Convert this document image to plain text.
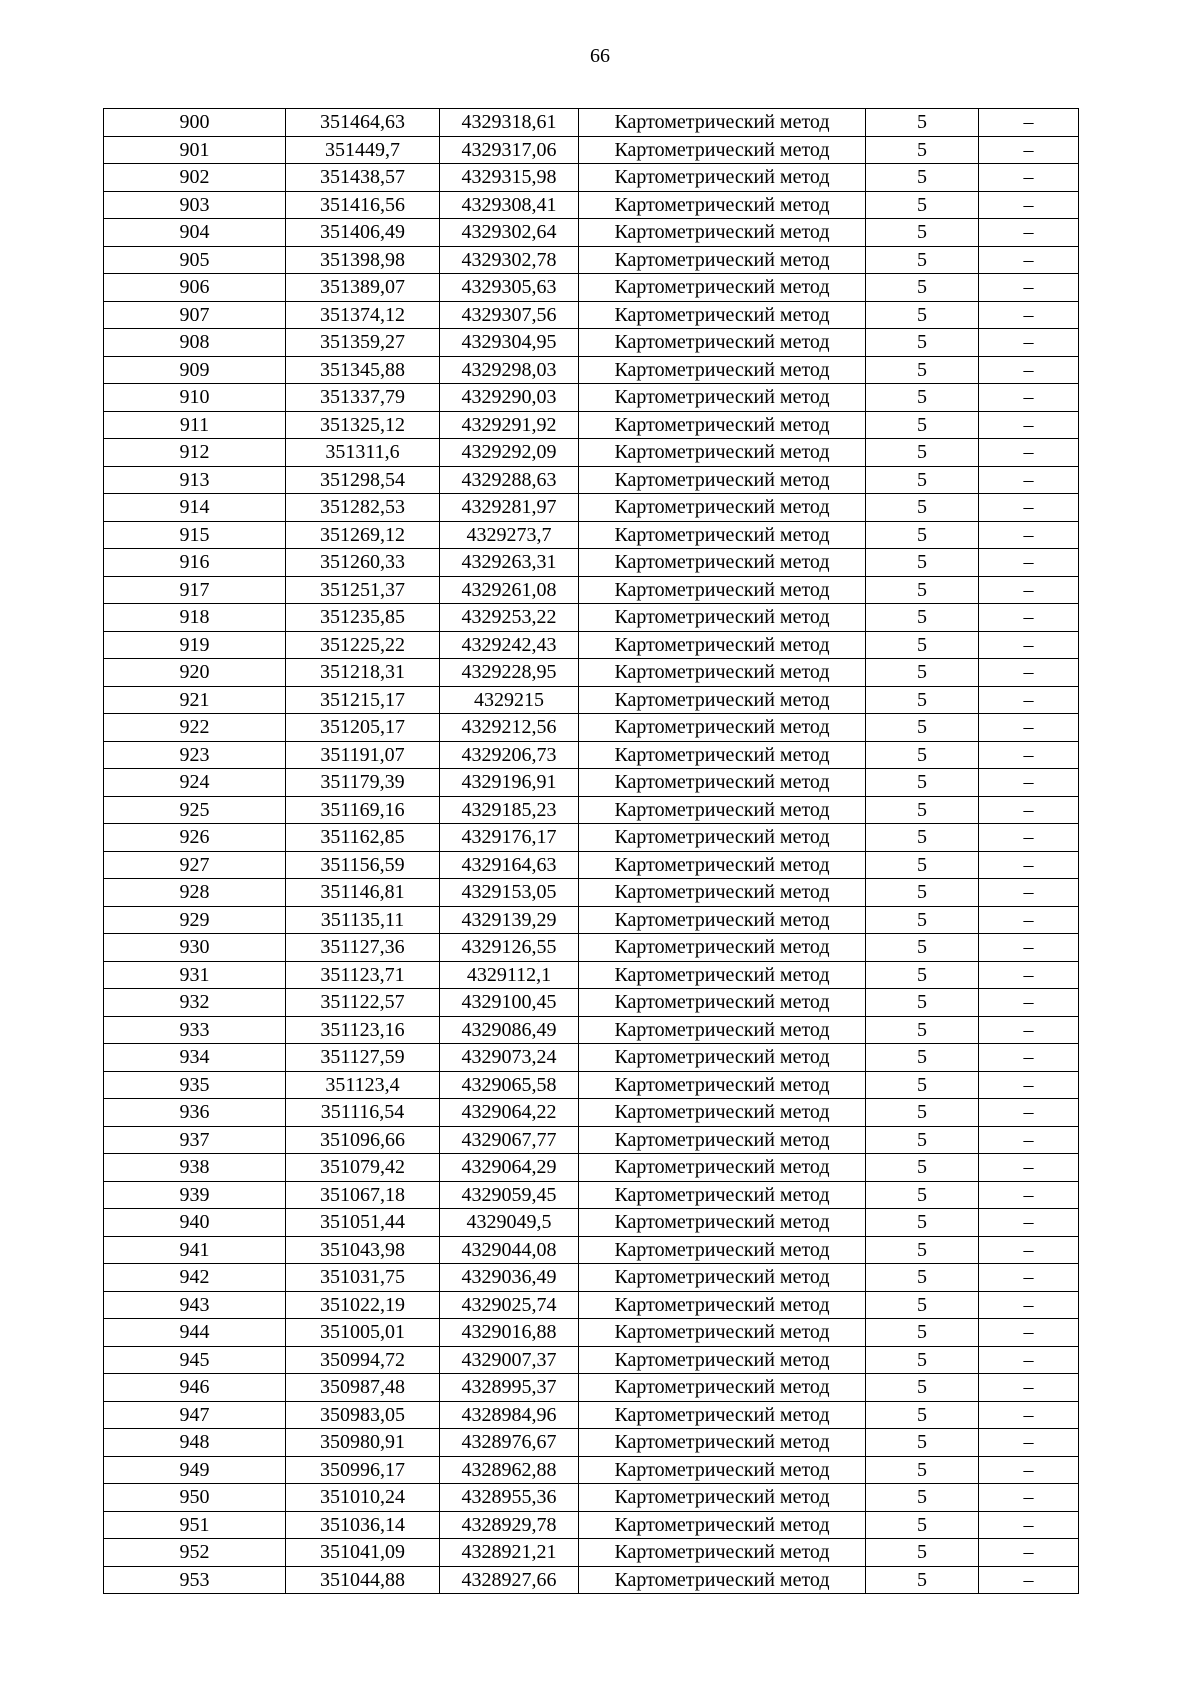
66
900	351464,63	4329318,61	Картометрический метод	5	–
901	351449,7	4329317,06	Картометрический метод	5	–
902	351438,57	4329315,98	Картометрический метод	5	–
903	351416,56	4329308,41	Картометрический метод	5	–
904	351406,49	4329302,64	Картометрический метод	5	–
905	351398,98	4329302,78	Картометрический метод	5	–
906	351389,07	4329305,63	Картометрический метод	5	–
907	351374,12	4329307,56	Картометрический метод	5	–
908	351359,27	4329304,95	Картометрический метод	5	–
909	351345,88	4329298,03	Картометрический метод	5	–
910	351337,79	4329290,03	Картометрический метод	5	–
911	351325,12	4329291,92	Картометрический метод	5	–
912	351311,6	4329292,09	Картометрический метод	5	–
913	351298,54	4329288,63	Картометрический метод	5	–
914	351282,53	4329281,97	Картометрический метод	5	–
915	351269,12	4329273,7	Картометрический метод	5	–
916	351260,33	4329263,31	Картометрический метод	5	–
917	351251,37	4329261,08	Картометрический метод	5	–
918	351235,85	4329253,22	Картометрический метод	5	–
919	351225,22	4329242,43	Картометрический метод	5	–
920	351218,31	4329228,95	Картометрический метод	5	–
921	351215,17	4329215	Картометрический метод	5	–
922	351205,17	4329212,56	Картометрический метод	5	–
923	351191,07	4329206,73	Картометрический метод	5	–
924	351179,39	4329196,91	Картометрический метод	5	–
925	351169,16	4329185,23	Картометрический метод	5	–
926	351162,85	4329176,17	Картометрический метод	5	–
927	351156,59	4329164,63	Картометрический метод	5	–
928	351146,81	4329153,05	Картометрический метод	5	–
929	351135,11	4329139,29	Картометрический метод	5	–
930	351127,36	4329126,55	Картометрический метод	5	–
931	351123,71	4329112,1	Картометрический метод	5	–
932	351122,57	4329100,45	Картометрический метод	5	–
933	351123,16	4329086,49	Картометрический метод	5	–
934	351127,59	4329073,24	Картометрический метод	5	–
935	351123,4	4329065,58	Картометрический метод	5	–
936	351116,54	4329064,22	Картометрический метод	5	–
937	351096,66	4329067,77	Картометрический метод	5	–
938	351079,42	4329064,29	Картометрический метод	5	–
939	351067,18	4329059,45	Картометрический метод	5	–
940	351051,44	4329049,5	Картометрический метод	5	–
941	351043,98	4329044,08	Картометрический метод	5	–
942	351031,75	4329036,49	Картометрический метод	5	–
943	351022,19	4329025,74	Картометрический метод	5	–
944	351005,01	4329016,88	Картометрический метод	5	–
945	350994,72	4329007,37	Картометрический метод	5	–
946	350987,48	4328995,37	Картометрический метод	5	–
947	350983,05	4328984,96	Картометрический метод	5	–
948	350980,91	4328976,67	Картометрический метод	5	–
949	350996,17	4328962,88	Картометрический метод	5	–
950	351010,24	4328955,36	Картометрический метод	5	–
951	351036,14	4328929,78	Картометрический метод	5	–
952	351041,09	4328921,21	Картометрический метод	5	–
953	351044,88	4328927,66	Картометрический метод	5	–
